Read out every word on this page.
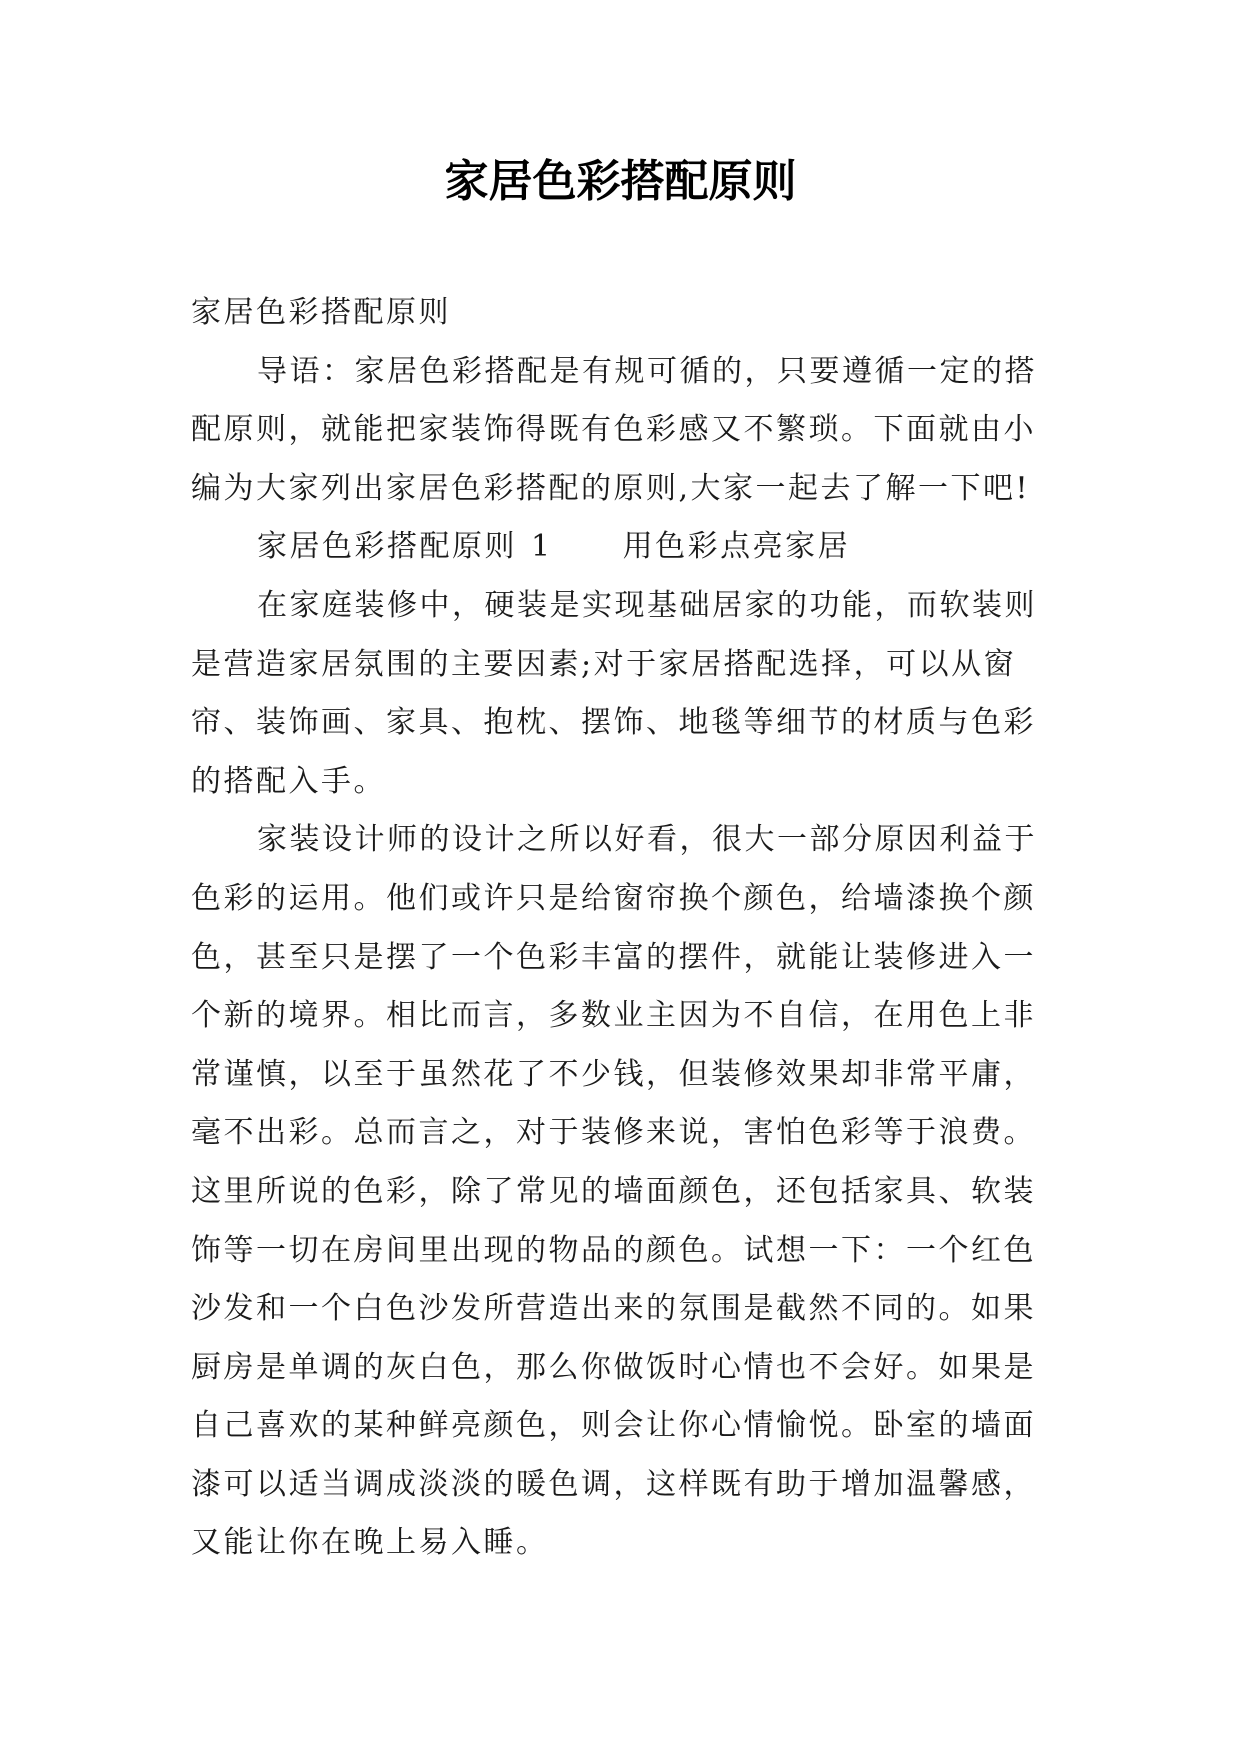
家居色彩搭配原则

家居色彩搭配原则

导语：家居色彩搭配是有规可循的，只要遵循一定的搭配原则，就能把家装饰得既有色彩感又不繁琐。下面就由小编为大家列出家居色彩搭配的原则,大家一起去了解一下吧!

家居色彩搭配原则 1 用色彩点亮家居

在家庭装修中，硬装是实现基础居家的功能，而软装则是营造家居氛围的主要因素;对于家居搭配选择，可以从窗帘、装饰画、家具、抱枕、摆饰、地毯等细节的材质与色彩的搭配入手。

家装设计师的设计之所以好看，很大一部分原因利益于色彩的运用。他们或许只是给窗帘换个颜色，给墙漆换个颜色，甚至只是摆了一个色彩丰富的摆件，就能让装修进入一个新的境界。相比而言，多数业主因为不自信，在用色上非常谨慎，以至于虽然花了不少钱，但装修效果却非常平庸，毫不出彩。总而言之，对于装修来说，害怕色彩等于浪费。这里所说的色彩，除了常见的墙面颜色，还包括家具、软装饰等一切在房间里出现的物品的颜色。试想一下：一个红色沙发和一个白色沙发所营造出来的氛围是截然不同的。如果厨房是单调的灰白色，那么你做饭时心情也不会好。如果是自己喜欢的某种鲜亮颜色，则会让你心情愉悦。卧室的墙面漆可以适当调成淡淡的暖色调，这样既有助于增加温馨感，又能让你在晚上易入睡。
